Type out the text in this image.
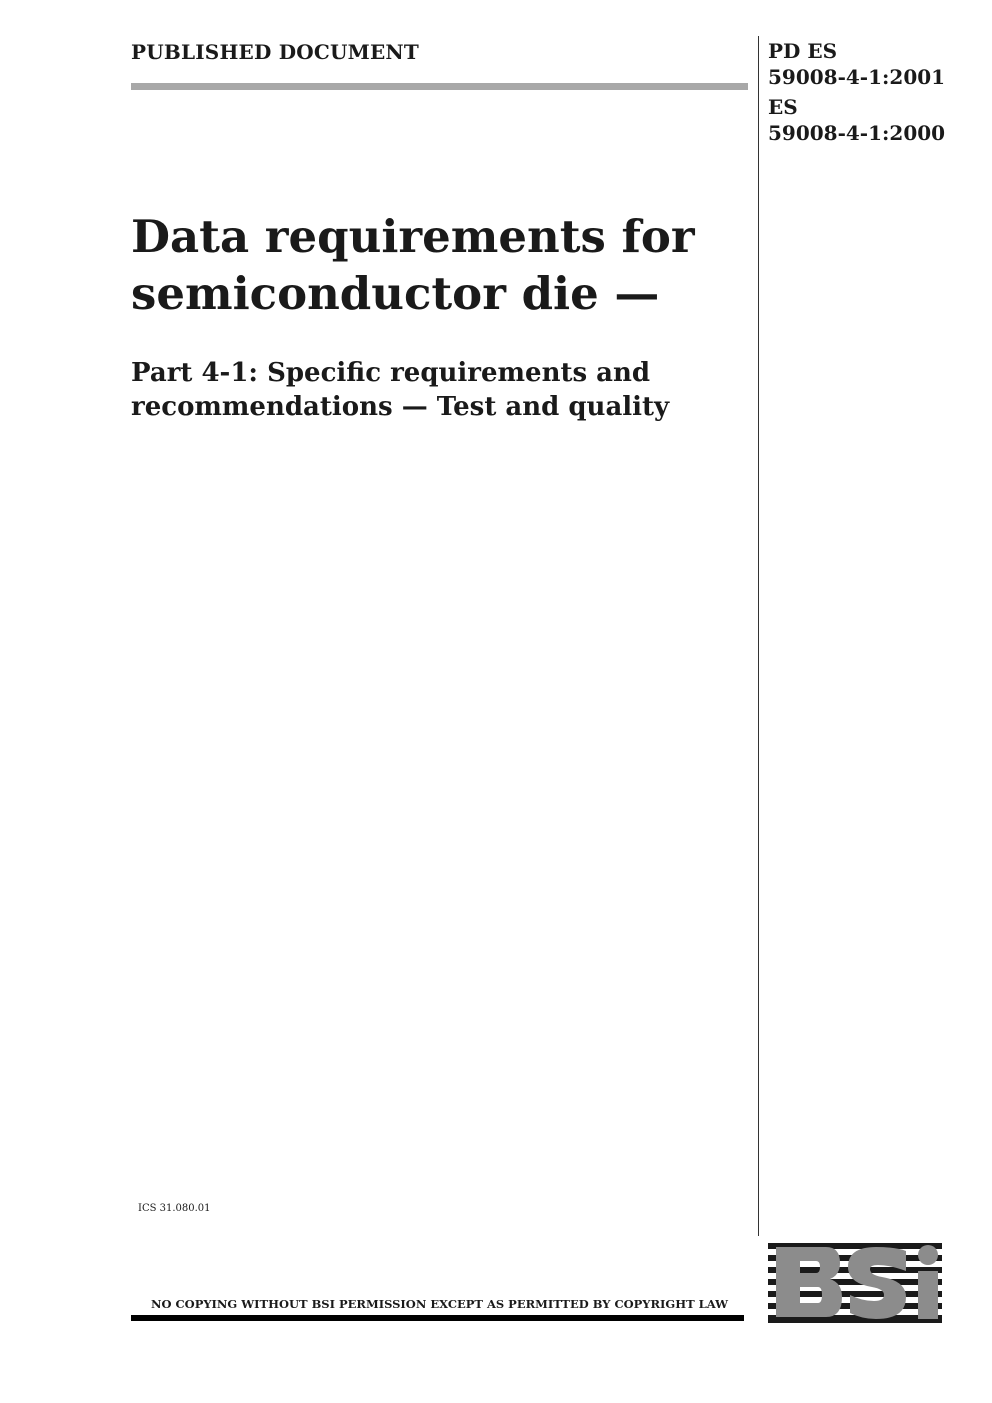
PUBLISHED DOCUMENT	PD ES
59008-4-1:2001
ES
59008-4-1:2000
Data requirements for
semiconductor die —
Part 4-1: Specific requirements and
recommendations — Test and quality
ICS 31.080.01
NO COPYING WITHOUT BSI PERMISSION EXCEPT AS PERMITTED BY COPYRIGHT LAW
